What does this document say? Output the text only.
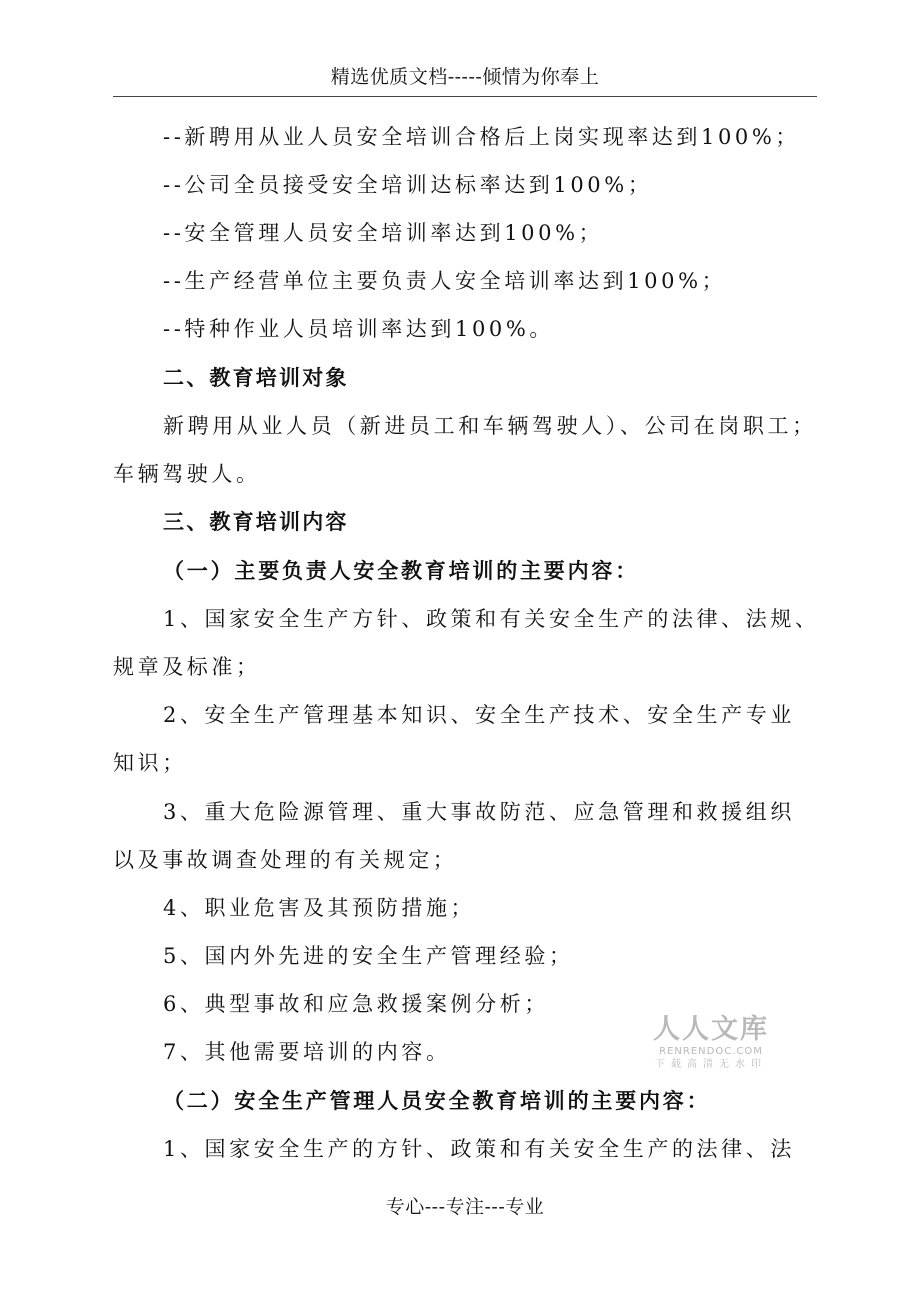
精选优质文档-----倾情为你奉上
--新聘用从业人员安全培训合格后上岗实现率达到100%；
--公司全员接受安全培训达标率达到100%；
--安全管理人员安全培训率达到100%；
--生产经营单位主要负责人安全培训率达到100%；
--特种作业人员培训率达到100%。
二、教育培训对象
新聘用从业人员（新进员工和车辆驾驶人）、公司在岗职工；
车辆驾驶人。
三、教育培训内容
（一）主要负责人安全教育培训的主要内容：
1、国家安全生产方针、政策和有关安全生产的法律、法规、
规章及标准；
2、安全生产管理基本知识、安全生产技术、安全生产专业
知识；
3、重大危险源管理、重大事故防范、应急管理和救援组织
以及事故调查处理的有关规定；
4、职业危害及其预防措施；
5、国内外先进的安全生产管理经验；
6、典型事故和应急救援案例分析；
7、其他需要培训的内容。
（二）安全生产管理人员安全教育培训的主要内容：
1、国家安全生产的方针、政策和有关安全生产的法律、法
人人文库
RENRENDOC.COM
下载高清无水印
专心---专注---专业
